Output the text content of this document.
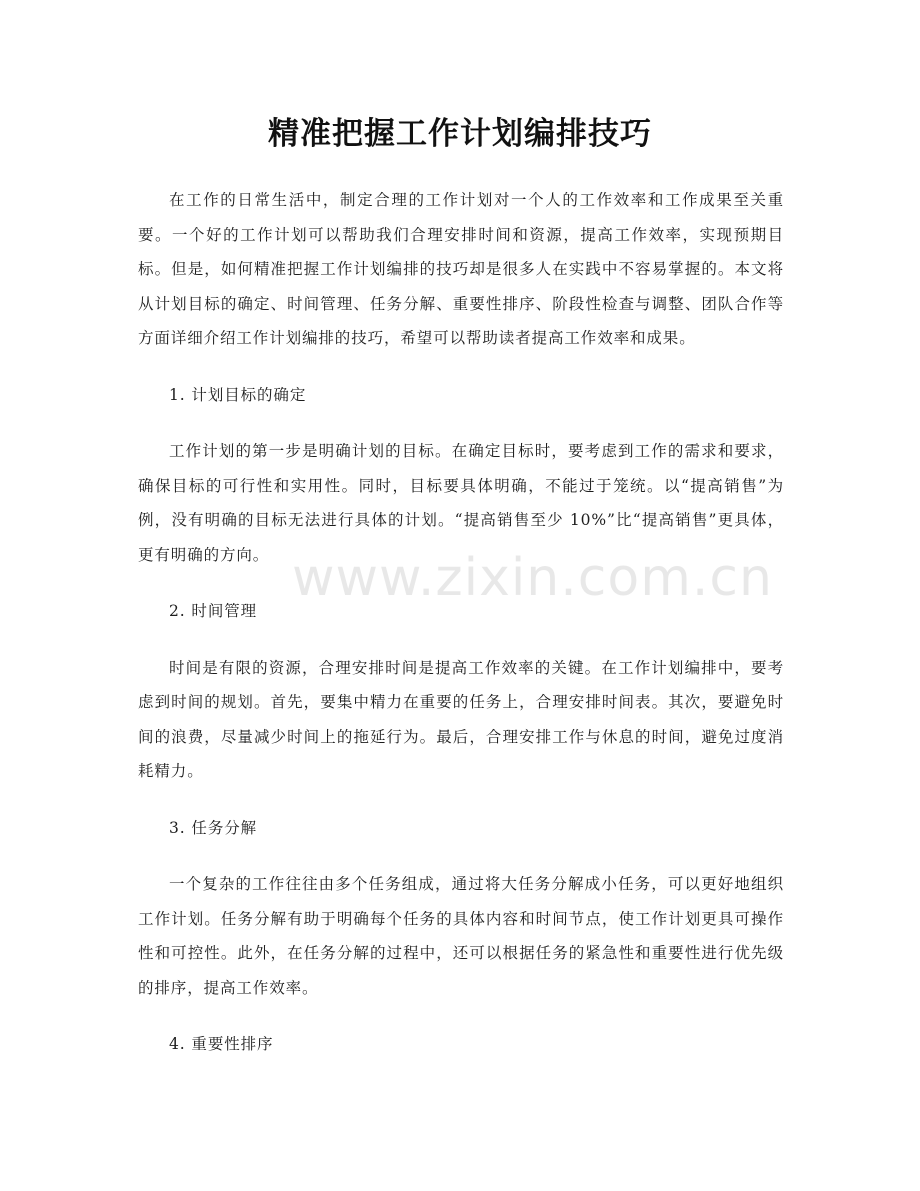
精准把握工作计划编排技巧

在工作的日常生活中，制定合理的工作计划对一个人的工作效率和工作成果至关重要。一个好的工作计划可以帮助我们合理安排时间和资源，提高工作效率，实现预期目标。但是，如何精准把握工作计划编排的技巧却是很多人在实践中不容易掌握的。本文将从计划目标的确定、时间管理、任务分解、重要性排序、阶段性检查与调整、团队合作等方面详细介绍工作计划编排的技巧，希望可以帮助读者提高工作效率和成果。

1. 计划目标的确定

工作计划的第一步是明确计划的目标。在确定目标时，要考虑到工作的需求和要求，确保目标的可行性和实用性。同时，目标要具体明确，不能过于笼统。以“提高销售”为例，没有明确的目标无法进行具体的计划。“提高销售至少 10%”比“提高销售”更具体，更有明确的方向。

2. 时间管理

时间是有限的资源，合理安排时间是提高工作效率的关键。在工作计划编排中，要考虑到时间的规划。首先，要集中精力在重要的任务上，合理安排时间表。其次，要避免时间的浪费，尽量减少时间上的拖延行为。最后，合理安排工作与休息的时间，避免过度消耗精力。

3. 任务分解

一个复杂的工作往往由多个任务组成，通过将大任务分解成小任务，可以更好地组织工作计划。任务分解有助于明确每个任务的具体内容和时间节点，使工作计划更具可操作性和可控性。此外，在任务分解的过程中，还可以根据任务的紧急性和重要性进行优先级的排序，提高工作效率。

4. 重要性排序

www.zixin.com.cn
